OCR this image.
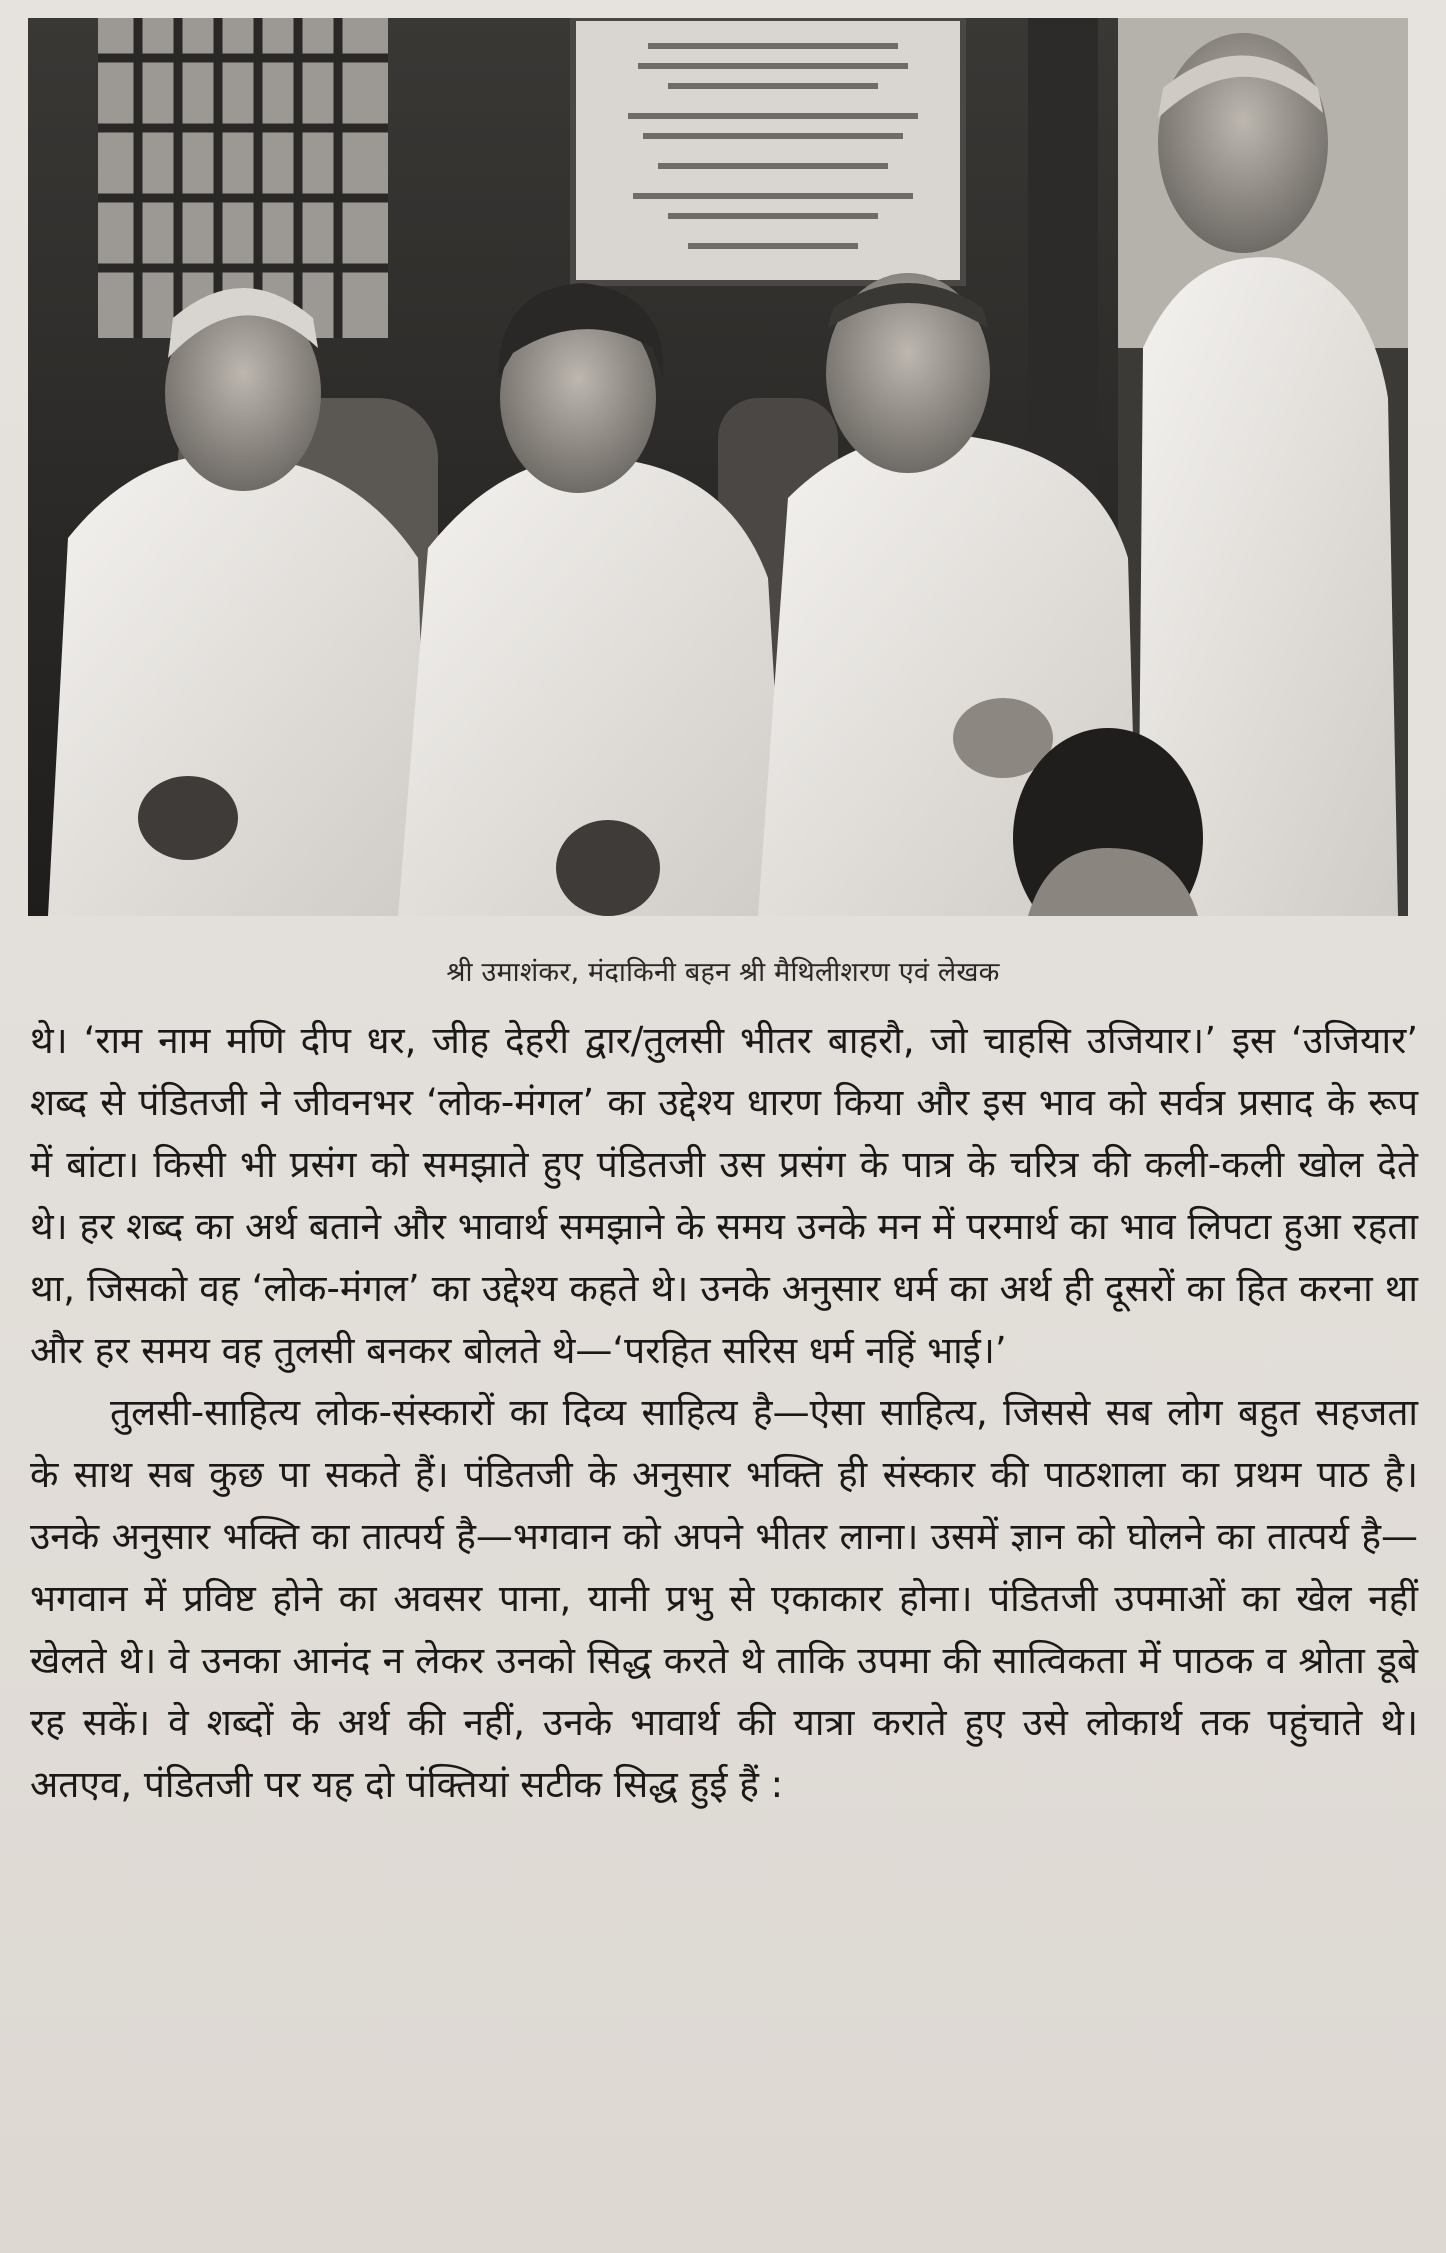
श्री उमाशंकर, मंदाकिनी बहन श्री मैथिलीशरण एवं लेखक

थे। ‘राम नाम मणि दीप धर, जीह देहरी द्वार/तुलसी भीतर बाहरौ, जो चाहसि उजियार।’ इस ‘उजियार’ शब्द से पंडितजी ने जीवनभर ‘लोक-मंगल’ का उद्देश्य धारण किया और इस भाव को सर्वत्र प्रसाद के रूप में बांटा। किसी भी प्रसंग को समझाते हुए पंडितजी उस प्रसंग के पात्र के चरित्र की कली-कली खोल देते थे। हर शब्द का अर्थ बताने और भावार्थ समझाने के समय उनके मन में परमार्थ का भाव लिपटा हुआ रहता था, जिसको वह ‘लोक-मंगल’ का उद्देश्य कहते थे। उनके अनुसार धर्म का अर्थ ही दूसरों का हित करना था और हर समय वह तुलसी बनकर बोलते थे—‘परहित सरिस धर्म नहिं भाई।’

तुलसी-साहित्य लोक-संस्कारों का दिव्य साहित्य है—ऐसा साहित्य, जिससे सब लोग बहुत सहजता के साथ सब कुछ पा सकते हैं। पंडितजी के अनुसार भक्ति ही संस्कार की पाठशाला का प्रथम पाठ है। उनके अनुसार भक्ति का तात्पर्य है—भगवान को अपने भीतर लाना। उसमें ज्ञान को घोलने का तात्पर्य है—भगवान में प्रविष्ट होने का अवसर पाना, यानी प्रभु से एकाकार होना। पंडितजी उपमाओं का खेल नहीं खेलते थे। वे उनका आनंद न लेकर उनको सिद्ध करते थे ताकि उपमा की सात्विकता में पाठक व श्रोता डूबे रह सकें। वे शब्दों के अर्थ की नहीं, उनके भावार्थ की यात्रा कराते हुए उसे लोकार्थ तक पहुंचाते थे। अतएव, पंडितजी पर यह दो पंक्तियां सटीक सिद्ध हुई हैं :
